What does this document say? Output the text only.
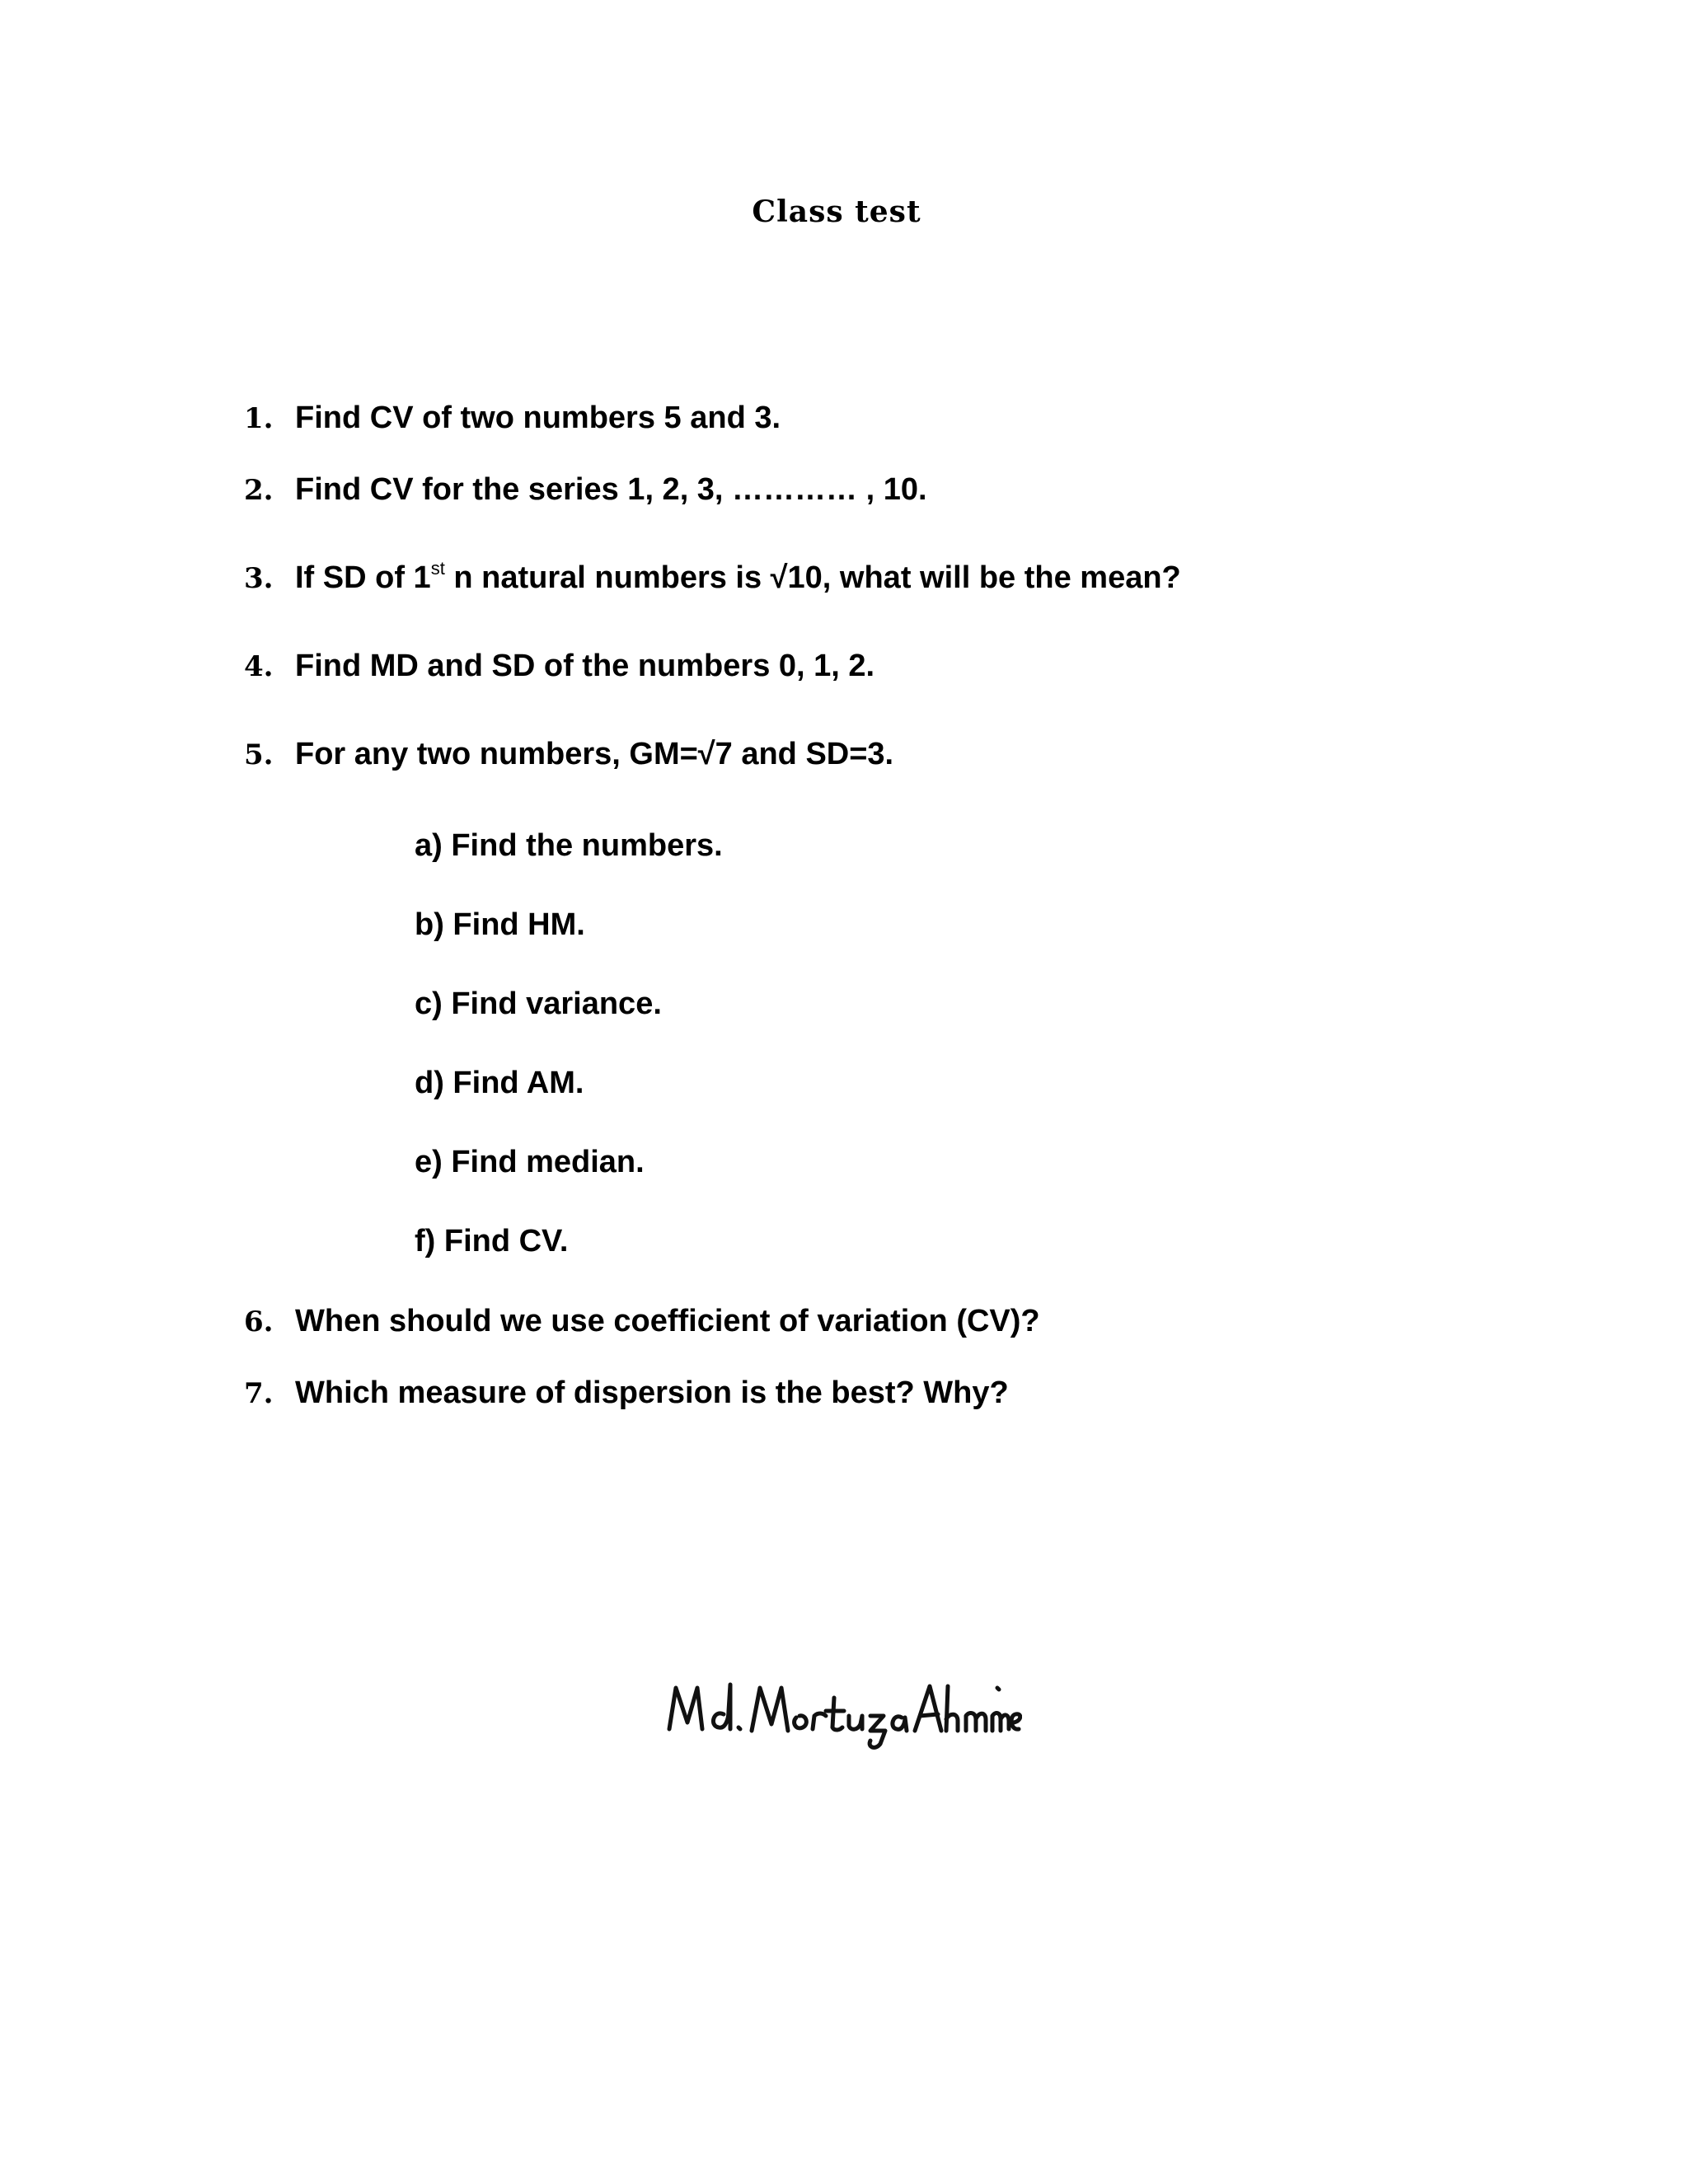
Class test
1. Find CV of two numbers 5 and 3.
2. Find CV for the series 1, 2, 3, ………… , 10.
3. If SD of 1st n natural numbers is √10, what will be the mean?
4. Find MD and SD of the numbers 0, 1, 2.
5. For any two numbers, GM=√7 and SD=3.
a) Find the numbers.
b) Find HM.
c) Find variance.
d) Find AM.
e) Find median.
f) Find CV.
6. When should we use coefficient of variation (CV)?
7. Which measure of dispersion is the best? Why?
